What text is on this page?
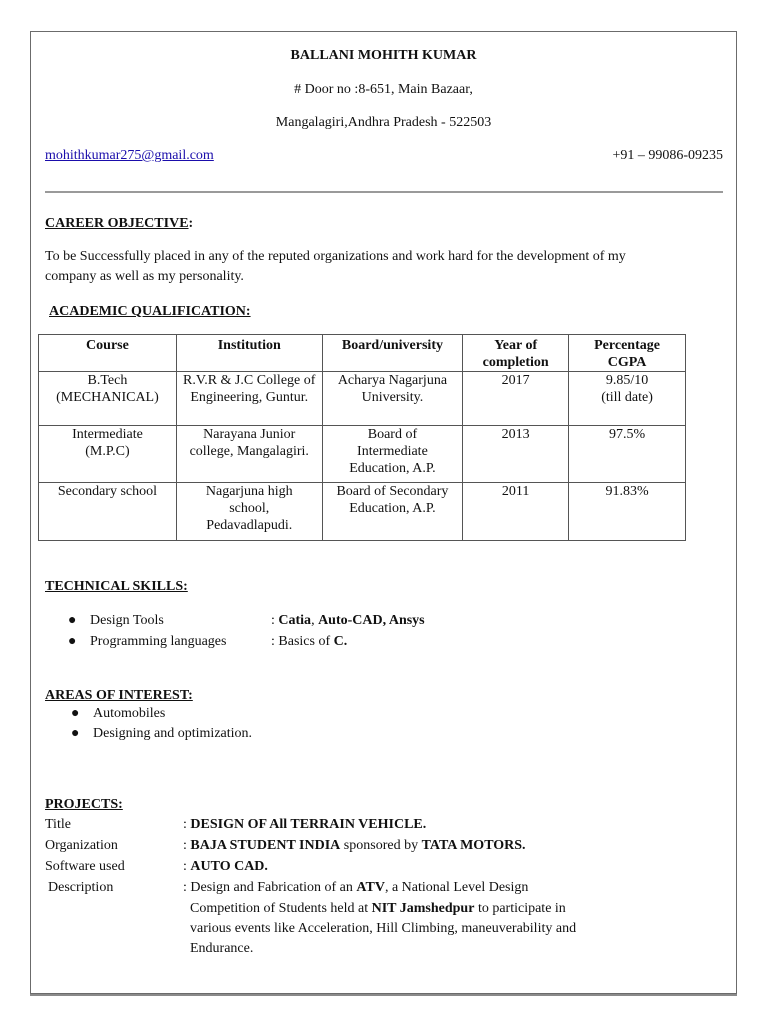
BALLANI MOHITH KUMAR
# Door no :8-651, Main Bazaar,
Mangalagiri,Andhra Pradesh - 522503
mohithkumar275@gmail.com	+91 – 99086-09235
CAREER OBJECTIVE:
To be Successfully placed in any of the reputed organizations and work hard for the development of my
company as well as my personality.
ACADEMIC QUALIFICATION:
Course	Institution	Board/university	Year of completion	Percentage CGPA
B.Tech (MECHANICAL)	R.V.R & J.C College of Engineering, Guntur.	Acharya Nagarjuna University.	2017	9.85/10 (till date)
Intermediate (M.P.C)	Narayana Junior college, Mangalagiri.	Board of Intermediate Education, A.P.	2013	97.5%
Secondary school	Nagarjuna high school, Pedavadlapudi.	Board of Secondary Education, A.P.	2011	91.83%
TECHNICAL SKILLS:
● Design Tools	: Catia, Auto-CAD, Ansys
● Programming languages	: Basics of C.
AREAS OF INTEREST:
● Automobiles
● Designing and optimization.
PROJECTS:
Title	: DESIGN OF All TERRAIN VEHICLE.
Organization	: BAJA STUDENT INDIA sponsored by TATA MOTORS.
Software used	: AUTO CAD.
Description	: Design and Fabrication of an ATV, a National Level Design
Competition of Students held at NIT Jamshedpur to participate in
various events like Acceleration, Hill Climbing, maneuverability and
Endurance.
